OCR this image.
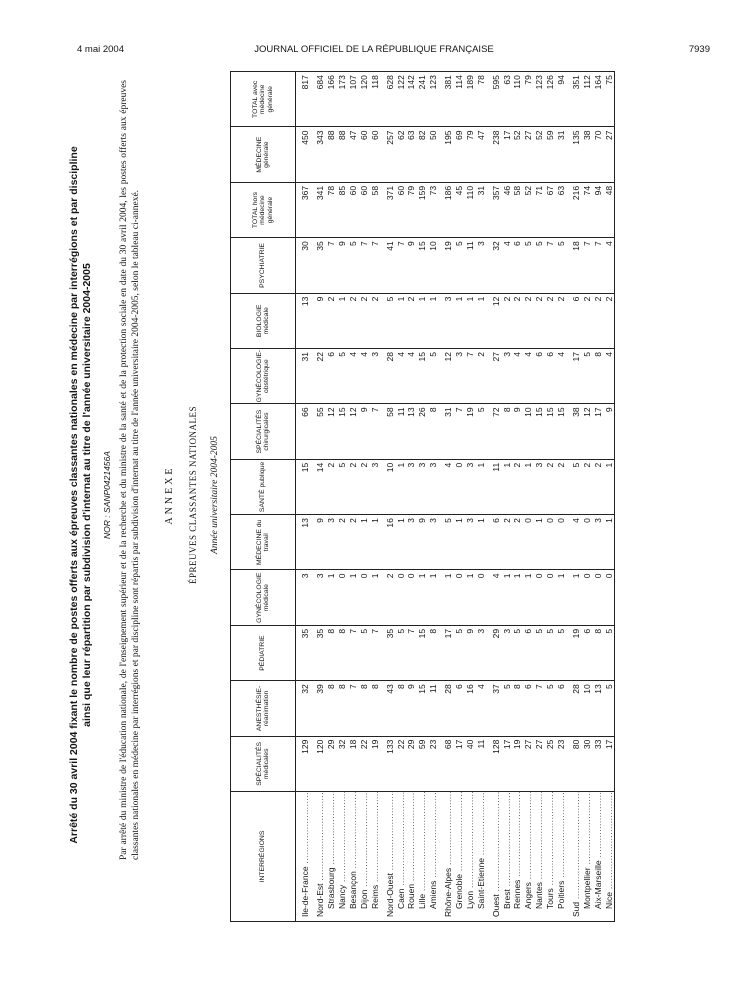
4 mai 2004	JOURNAL OFFICIEL DE LA RÉPUBLIQUE FRANÇAISE	7939
Arrêté du 30 avril 2004 fixant le nombre de postes offerts aux épreuves classantes nationales en médecine par interrégions et par discipline ainsi que leur répartition par subdivision d'internat au titre de l'année universitaire 2004-2005 NOR : SANP0421456A Par arrêté du ministre de l'éducation nationale, de l'enseignement supérieur et de la recherche et du ministre de la santé et de la protection sociale en date du 30 avril 2004, les postes offerts aux épreuves classantes nationales en médecine par interrégions et par discipline sont répartis par subdivision d'internat au titre de l'année universitaire 2004-2005, selon le tableau ci-annexé. ANNEXE ÉPREUVES CLASSANTES NATIONALES Année universitaire 2004-2005
INTERRÉGIONS	SPÉCIALITÉS médicales	ANESTHÉSIE-réanimation	PÉDIATRIE	GYNÉCOLOGIE médicale	MÉDECINE du travail	SANTÉ publique	SPÉCIALITÉS chirurgicales	GYNÉCOLOGIE-obstétrique	BIOLOGIE médicale	PSYCHIATRIE	TOTAL hors médecine générale	MÉDECINE générale	TOTAL avec médecine générale
Ile-de-France .....	129	32	35	3	13	15	66	31	13	30	367	450	817
Nord-Est .....	120	39	35	3	9	14	55	22	9	35	341	343	684
Strasbourg .....	29	8	8	1	3	2	12	6	2	7	78	88	166
Nancy .....	32	8	8	0	2	5	15	5	1	9	85	88	173
Besançon .....	18	7	7	1	2	2	12	4	2	5	60	47	107
Dijon .....	22	8	5	0	1	2	9	4	2	7	60	60	120
Reims .....	19	8	7	1	1	3	7	3	2	7	58	60	118
Nord-Ouest .....	133	43	35	2	16	10	58	28	5	41	371	257	628
Caen .....	22	8	5	0	1	1	11	4	1	7	60	62	122
Rouen .....	29	9	7	0	3	3	13	4	2	9	79	63	142
Lille .....	59	15	15	1	9	3	26	15	1	15	159	82	241
Amiens .....	23	11	8	1	3	3	8	5	1	10	73	50	123
Rhône-Alpes .....	68	28	17	1	5	4	31	12	3	19	186	195	381
Grenoble .....	17	6	5	0	1	0	7	3	1	5	45	69	114
Lyon .....	40	16	9	1	3	3	19	7	1	11	110	79	189
Saint-Etienne .....	11	4	3	0	1	1	5	2	1	3	31	47	78
Ouest .....	128	37	29	4	6	11	72	27	12	32	357	238	595
Brest .....	17	5	3	1	2	1	8	3	2	4	46	17	63
Rennes .....	19	8	5	1	2	2	9	4	2	6	58	52	110
Angers .....	27	6	6	1	0	1	10	4	2	5	52	27	79
Nantes .....	27	7	5	0	1	3	15	6	2	5	71	52	123
Tours .....	25	5	5	0	0	2	15	6	2	7	67	59	126
Poitiers .....	23	6	5	1	0	2	15	4	2	5	63	31	94
Sud .....	80	28	19	1	4	5	38	17	6	18	216	135	351
Montpellier .....	30	10	6	0	0	2	12	5	2	7	74	38	112
Aix-Marseille .....	33	13	8	0	3	2	17	8	2	7	94	70	164
Nice .....	17	5	5	0	1	1	9	4	2	4	48	27	75
